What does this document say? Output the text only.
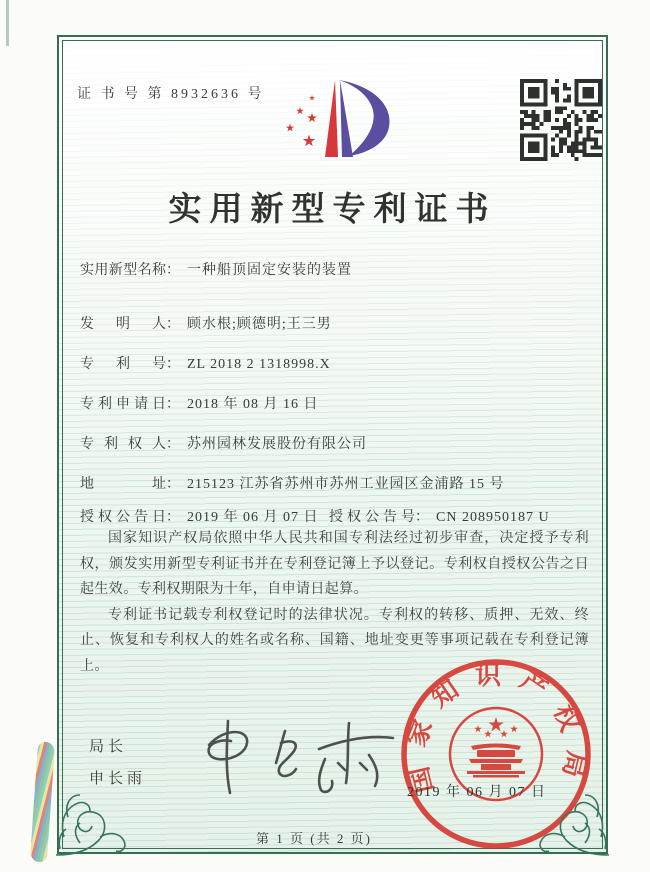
证 书 号 第 8932636 号
实用新型专利证书
实用新型名称： 一种船顶固定安装的装置
发明人： 顾水根;顾德明;王三男
专利号： ZL 2018 2 1318998.X
专利申请日： 2018 年 08 月 16 日
专利权人： 苏州园林发展股份有限公司
地址： 215123 江苏省苏州市苏州工业园区金浦路 15 号
授权公告日： 2019 年 06 月 07 日 授权公告号： CN 208950187 U

国家知识产权局依照中华人民共和国专利法经过初步审查，决定授予专利权，颁发实用新型专利证书并在专利登记簿上予以登记。专利权自授权公告之日起生效。专利权期限为十年，自申请日起算。

专利证书记载专利权登记时的法律状况。专利权的转移、质押、无效、终止、恢复和专利权人的姓名或名称、国籍、地址变更等事项记载在专利登记簿上。

局长
申长雨	国家知识产权局
2019 年 06 月 07 日
第 1 页 (共 2 页)
